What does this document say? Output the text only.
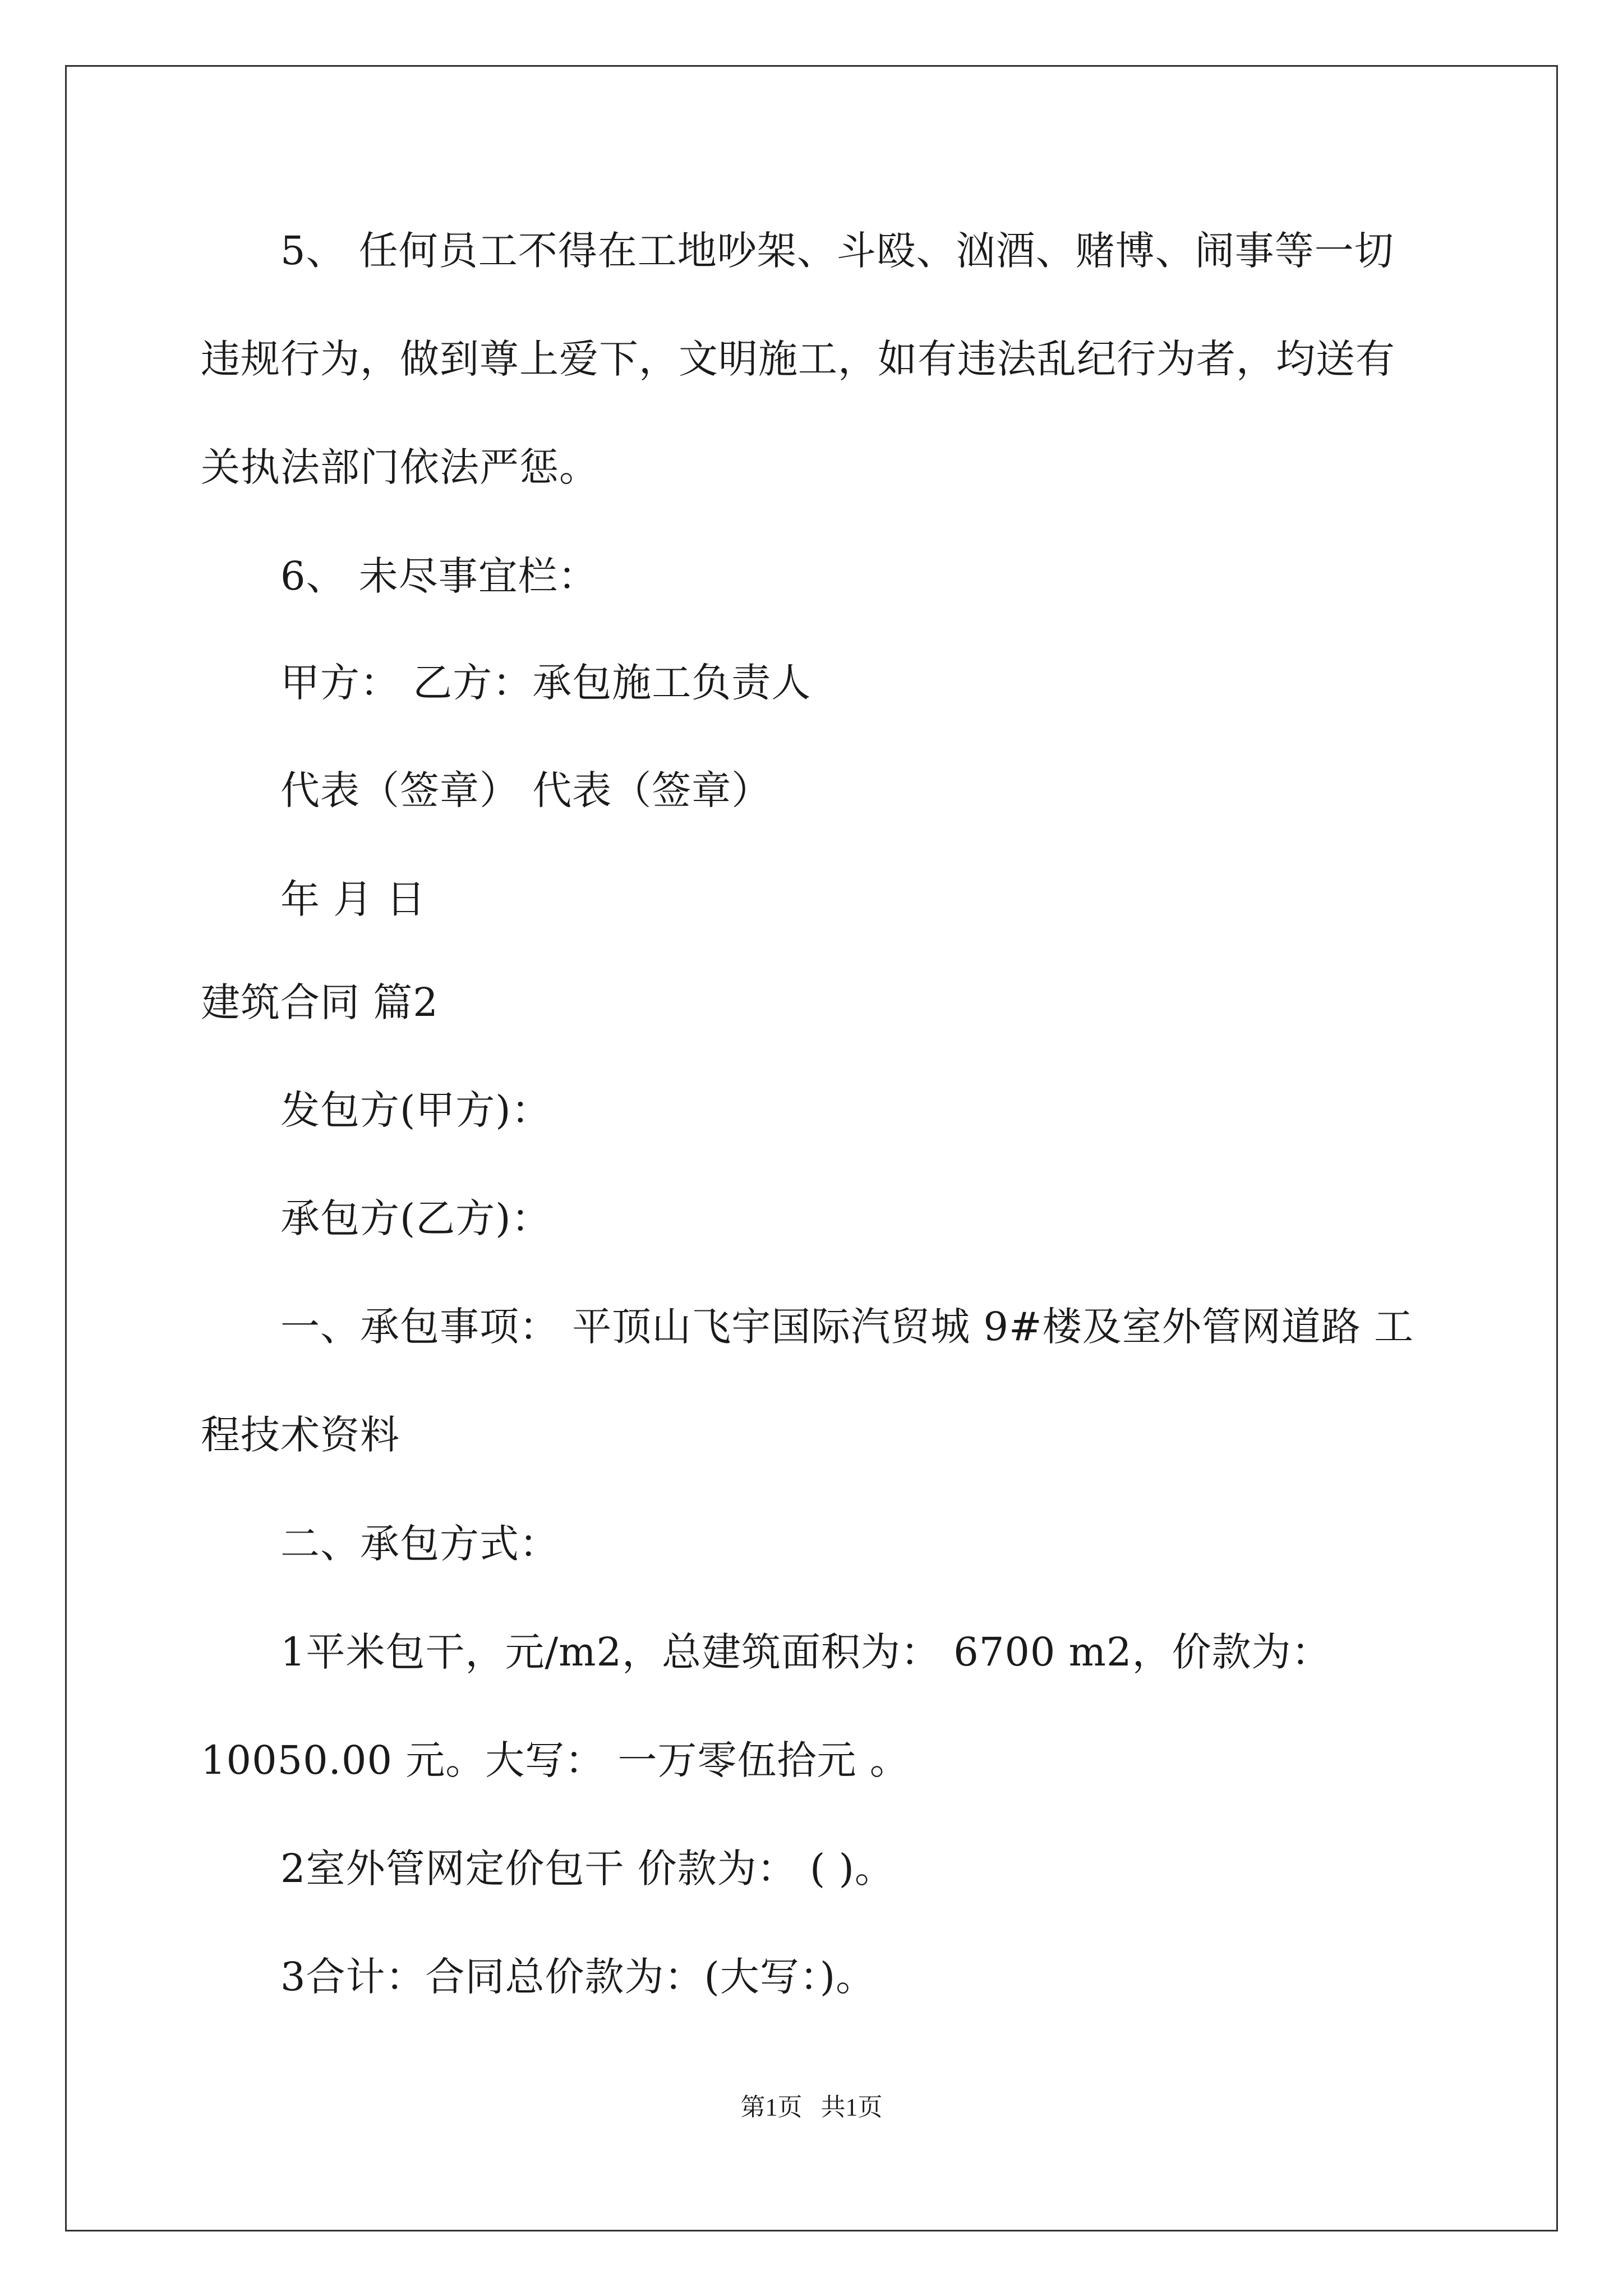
5、 任何员工不得在工地吵架、斗殴、汹酒、赌博、闹事等一切
违规行为，做到尊上爱下，文明施工，如有违法乱纪行为者，均送有
关执法部门依法严惩。
6、 未尽事宜栏：
甲方： 乙方：承包施工负责人
代表（签章） 代表（签章）
年 月 日
建筑合同 篇2
发包方(甲方)：
承包方(乙方)：
一、承包事项： 平顶山飞宇国际汽贸城 9#楼及室外管网道路 工
程技术资料
二、承包方式：
1平米包干，元/m2，总建筑面积为： 6700 m2，价款为：
10050.00 元。大写： 一万零伍拾元 。
2室外管网定价包干 价款为： ( )。
3合计：合同总价款为：(大写：)。
第1页   共1页
